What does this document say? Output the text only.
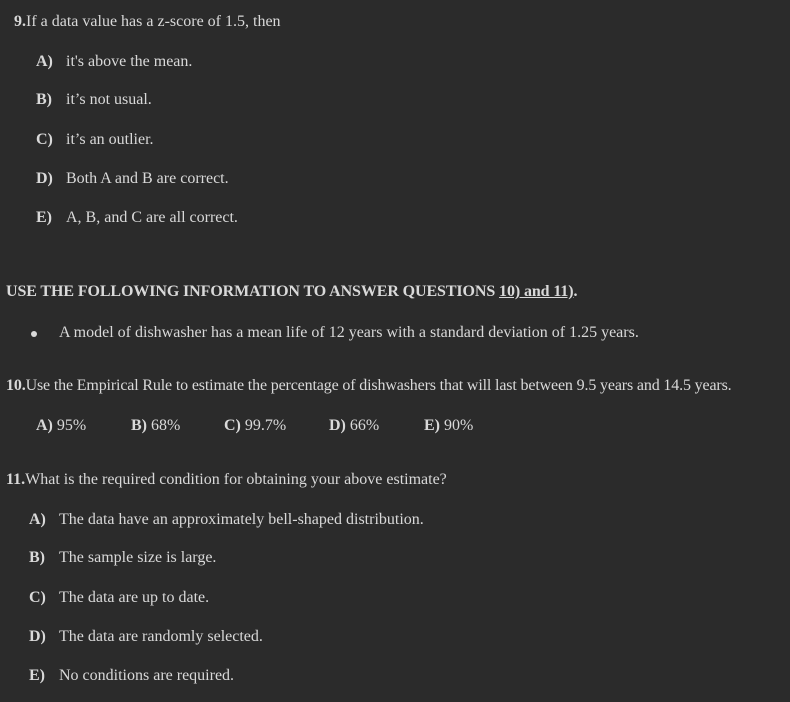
9.If a data value has a z-score of 1.5, then
A) it's above the mean.
B) it’s not usual.
C) it’s an outlier.
D) Both A and B are correct.
E) A, B, and C are all correct.
USE THE FOLLOWING INFORMATION TO ANSWER QUESTIONS 10) and 11).
A model of dishwasher has a mean life of 12 years with a standard deviation of 1.25 years.
10.Use the Empirical Rule to estimate the percentage of dishwashers that will last between 9.5 years and 14.5 years.
A) 95%	B) 68%	C) 99.7%	D) 66%	E) 90%
11.What is the required condition for obtaining your above estimate?
A) The data have an approximately bell-shaped distribution.
B) The sample size is large.
C) The data are up to date.
D) The data are randomly selected.
E) No conditions are required.
